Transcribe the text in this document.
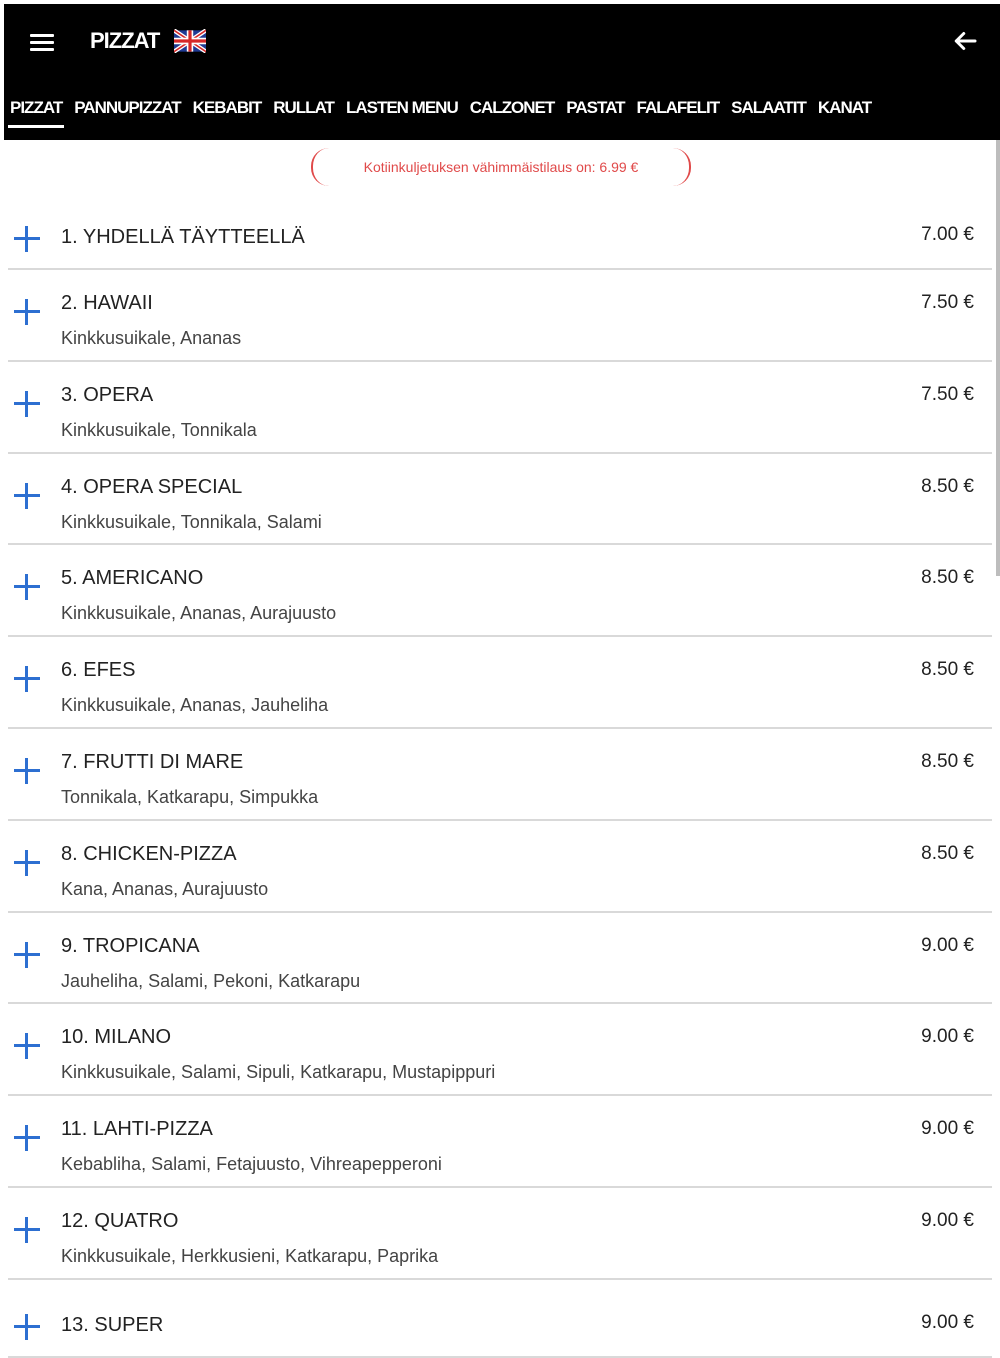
PIZZAT
PIZZAT PANNUPIZZAT KEBABIT RULLAT LASTEN MENU CALZONET PASTAT FALAFELIT SALAATIT KANAT
Kotiinkuljetuksen vähimmäistilaus on: 6.99 €
1. YHDELLÄ TÄYTTEELLÄ	7.00 €
2. HAWAII
Kinkkusuikale, Ananas
7.50 €
3. OPERA
Kinkkusuikale, Tonnikala
7.50 €
4. OPERA SPECIAL
Kinkkusuikale, Tonnikala, Salami
8.50 €
5. AMERICANO
Kinkkusuikale, Ananas, Aurajuusto
8.50 €
6. EFES
Kinkkusuikale, Ananas, Jauheliha
8.50 €
7. FRUTTI DI MARE
Tonnikala, Katkarapu, Simpukka
8.50 €
8. CHICKEN-PIZZA
Kana, Ananas, Aurajuusto
8.50 €
9. TROPICANA
Jauheliha, Salami, Pekoni, Katkarapu
9.00 €
10. MILANO
Kinkkusuikale, Salami, Sipuli, Katkarapu, Mustapippuri
9.00 €
11. LAHTI-PIZZA
Kebabliha, Salami, Fetajuusto, Vihreapepperoni
9.00 €
12. QUATRO
Kinkkusuikale, Herkkusieni, Katkarapu, Paprika
9.00 €
13. SUPER	9.00 €
